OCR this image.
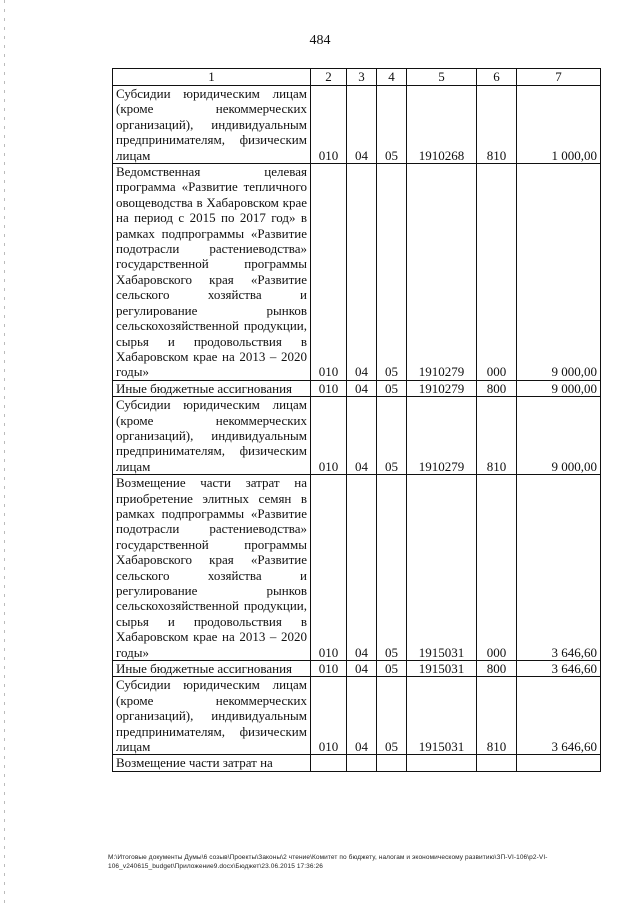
484
1	2	3	4	5	6	7
Субсидии юридическим лицам (кроме некоммерческих организаций), индивидуальным предпринимателям, физическим лицам	010	04	05	1910268	810	1 000,00
Ведомственная целевая программа «Развитие тепличного овощеводства в Хабаровском крае на период с 2015 по 2017 год» в рамках подпрограммы «Развитие подотрасли растениеводства» государственной программы Хабаровского края «Развитие сельского хозяйства и регулирование рынков сельскохозяйственной продукции, сырья и продовольствия в Хабаровском крае на 2013 – 2020 годы»	010	04	05	1910279	000	9 000,00
Иные бюджетные ассигнования	010	04	05	1910279	800	9 000,00
Субсидии юридическим лицам (кроме некоммерческих организаций), индивидуальным предпринимателям, физическим лицам	010	04	05	1910279	810	9 000,00
Возмещение части затрат на приобретение элитных семян в рамках подпрограммы «Развитие подотрасли растениеводства» государственной программы Хабаровского края «Развитие сельского хозяйства и регулирование рынков сельскохозяйственной продукции, сырья и продовольствия в Хабаровском крае на 2013 – 2020 годы»	010	04	05	1915031	000	3 646,60
Иные бюджетные ассигнования	010	04	05	1915031	800	3 646,60
Субсидии юридическим лицам (кроме некоммерческих организаций), индивидуальным предпринимателям, физическим лицам	010	04	05	1915031	810	3 646,60
Возмещение части затрат на						
М:\Итоговые документы Думы\6 созыв\Проекты\Законы\2 чтение\Комитет по бюджету, налогам и экономическому развитию\ЗП-VI-106\р2-VI-106_v240615_budget\Приложение9.docx\Бюджет\23.06.2015 17:36:26
